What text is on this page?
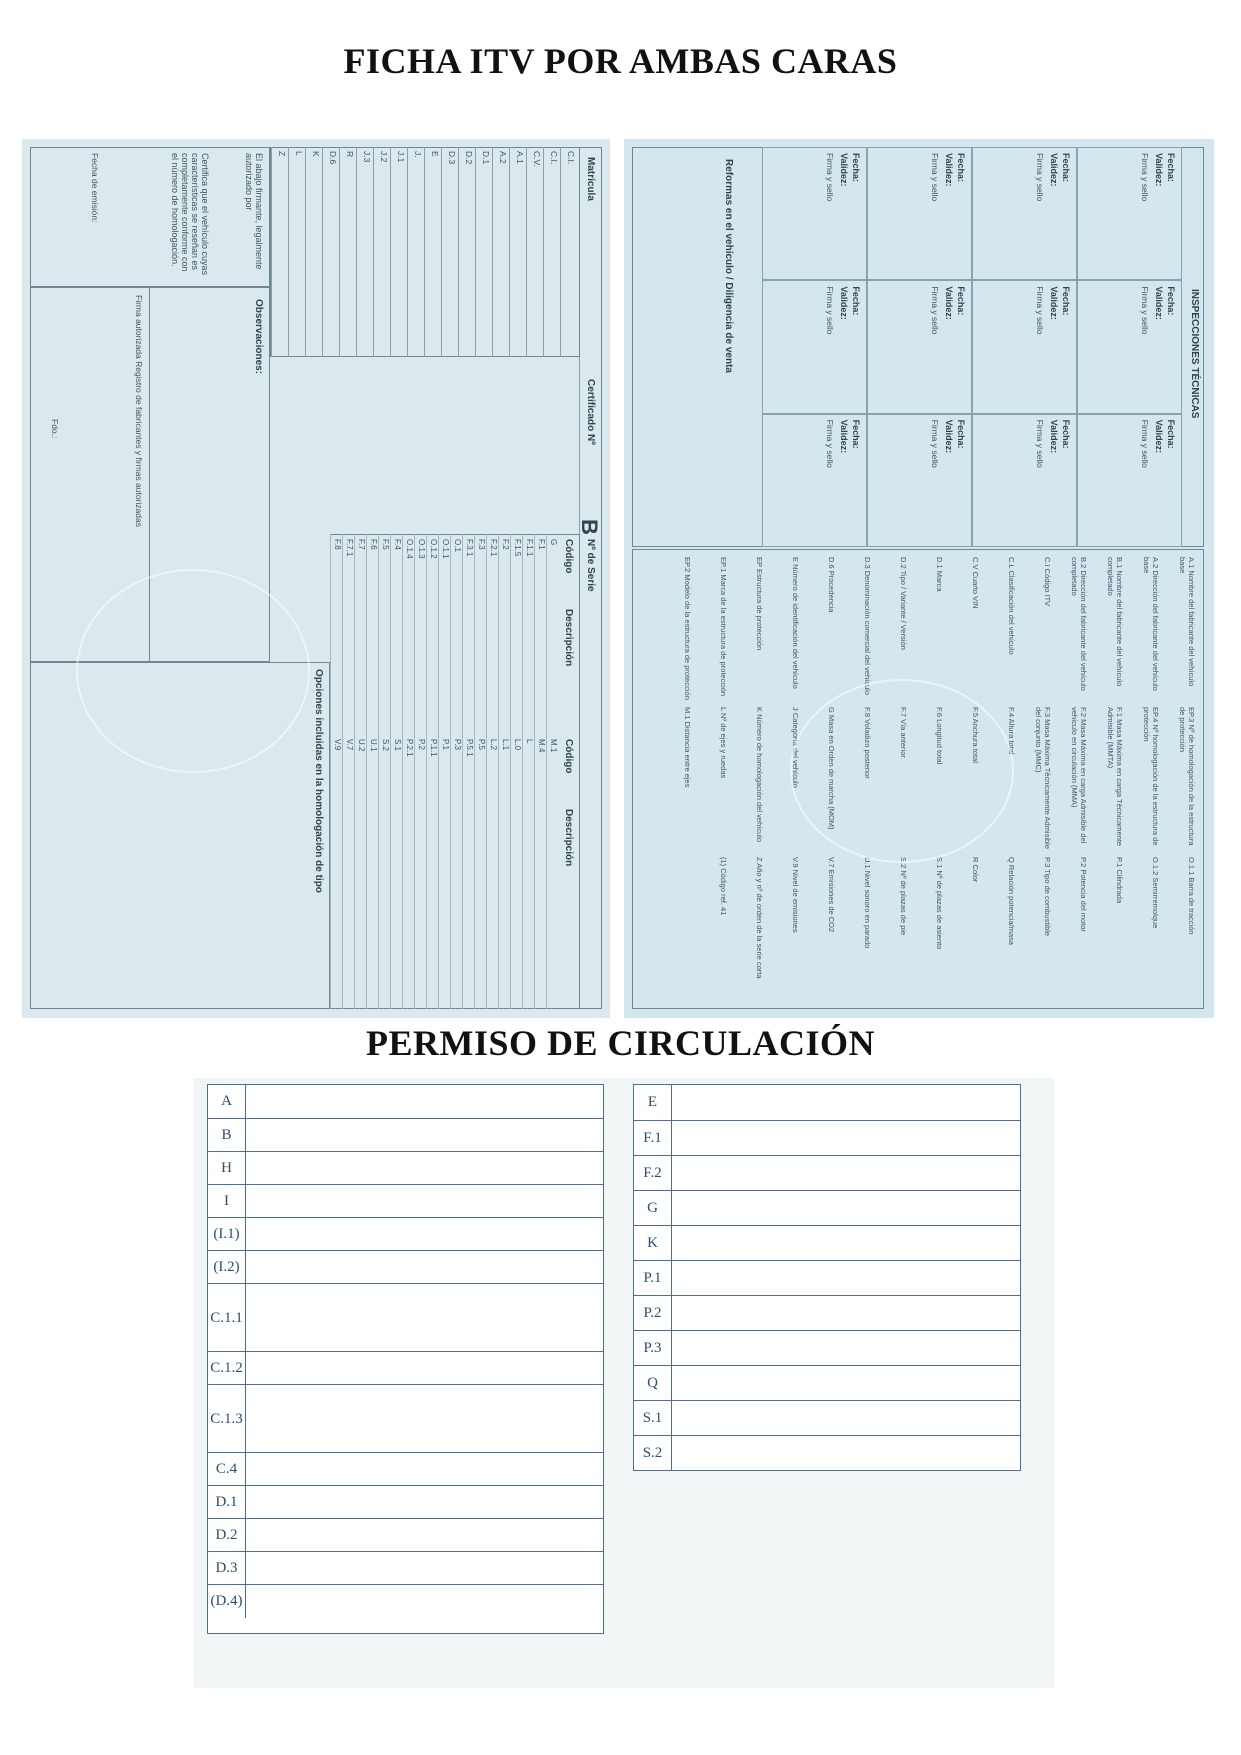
FICHA ITV POR AMBAS CARAS
Matrícula
Certificado Nº
B
Nº de Serie
C.I.
C.I.
C.V.
A.1
A.2
D.1
D.2
D.3
E
J.
J.1
J.2
J.3
R
D.6
K
L
Z
Código
Descripción
Código
Descripción
G
F.1
F.1.1
F.1.5
F.2
F.2.1
F.3
F.3.1
O.1
O.1.1
O.1.2
O.1.3
O.1.4
F.4
F.5
F.6
F.7
F.7.1
F.8
M.1
M.4
L
L.0
L.1
L.2
P.5
P.5.1
P.3
P.1
P.1.1
P.2
P.2.1
S.1
S.2
U.1
U.2
V.7
V.9
El abajo firmante, legalmente autorizado por
Certifica que el vehículo cuyas características se reseñan es completamente conforme con el número de homologación.
Observaciones:
Fecha de emisión:
Firma autorizada Registro de fabricantes y firmas autorizadas
Fdo.:
Opciones incluidas en la homologación de tipo
INSPECCIONES TÉCNICAS
Fecha:
Validez:
Firma y sello
Fecha:
Validez:
Firma y sello
Fecha:
Validez:
Firma y sello
Fecha:
Validez:
Firma y sello
Fecha:
Validez:
Firma y sello
Fecha:
Validez:
Firma y sello
Fecha:
Validez:
Firma y sello
Fecha:
Validez:
Firma y sello
Fecha:
Validez:
Firma y sello
Fecha:
Validez:
Firma y sello
Fecha:
Validez:
Firma y sello
Fecha:
Validez:
Firma y sello
Reformas en el vehículo / Diligencia de venta
A.1 Nombre del fabricante del vehículo base
A.2 Dirección del fabricante del vehículo base
B.1 Nombre del fabricante del vehículo completado
B.2 Dirección del fabricante del vehículo completado
C.I Código ITV
C.L Clasificación del vehículo
C.V Cuarto VIN
D.1 Marca
D.2 Tipo / Variante / Versión
D.3 Denominación comercial del vehículo
D.6 Procedencia
E Número de identificación del vehículo
EP Estructura de protección
EP.1 Marca de la estructura de protección
EP.2 Modelo de la estructura de protección
EP.3 Nº de homologación de la estructura de protección
EP.4 Nº homologación de la estructura de protección
F.1 Masa Máxima en carga Técnicamente Admisible (MMTA)
F.2 Masa Máxima en carga Admisible del vehículo en circulación (MMA)
F.3 Masa Máxima Técnicamente Admisible del conjunto (MMC)
F.4 Altura total
F.5 Anchura total
F.6 Longitud total
F.7 Vía anterior
F.8 Voladizo posterior
G Masa en Orden de marcha (MOM)
J Categoría del vehículo
K Número de homologación del vehículo
L Nº de ejes y ruedas
M.1 Distancia entre ejes
O.1.1 Barra de tracción
O.1.2 Semirremolque
P.1 Cilindrada
P.2 Potencia del motor
P.3 Tipo de combustible
Q Relación potencia/masa
R Color
S.1 Nº de plazas de asiento
S.2 Nº de plazas de pie
U.1 Nivel sonoro en parado
V.7 Emisiones de CO2
V.9 Nivel de emisiones
Z Año y nº de orden de la serie corta
(1) Código ref. 41
PERMISO DE CIRCULACIÓN
A
B
H
I
(I.1)
(I.2)
C.1.1
C.1.2
C.1.3
C.4
D.1
D.2
D.3
(D.4)
E
F.1
F.2
G
K
P.1
P.2
P.3
Q
S.1
S.2
